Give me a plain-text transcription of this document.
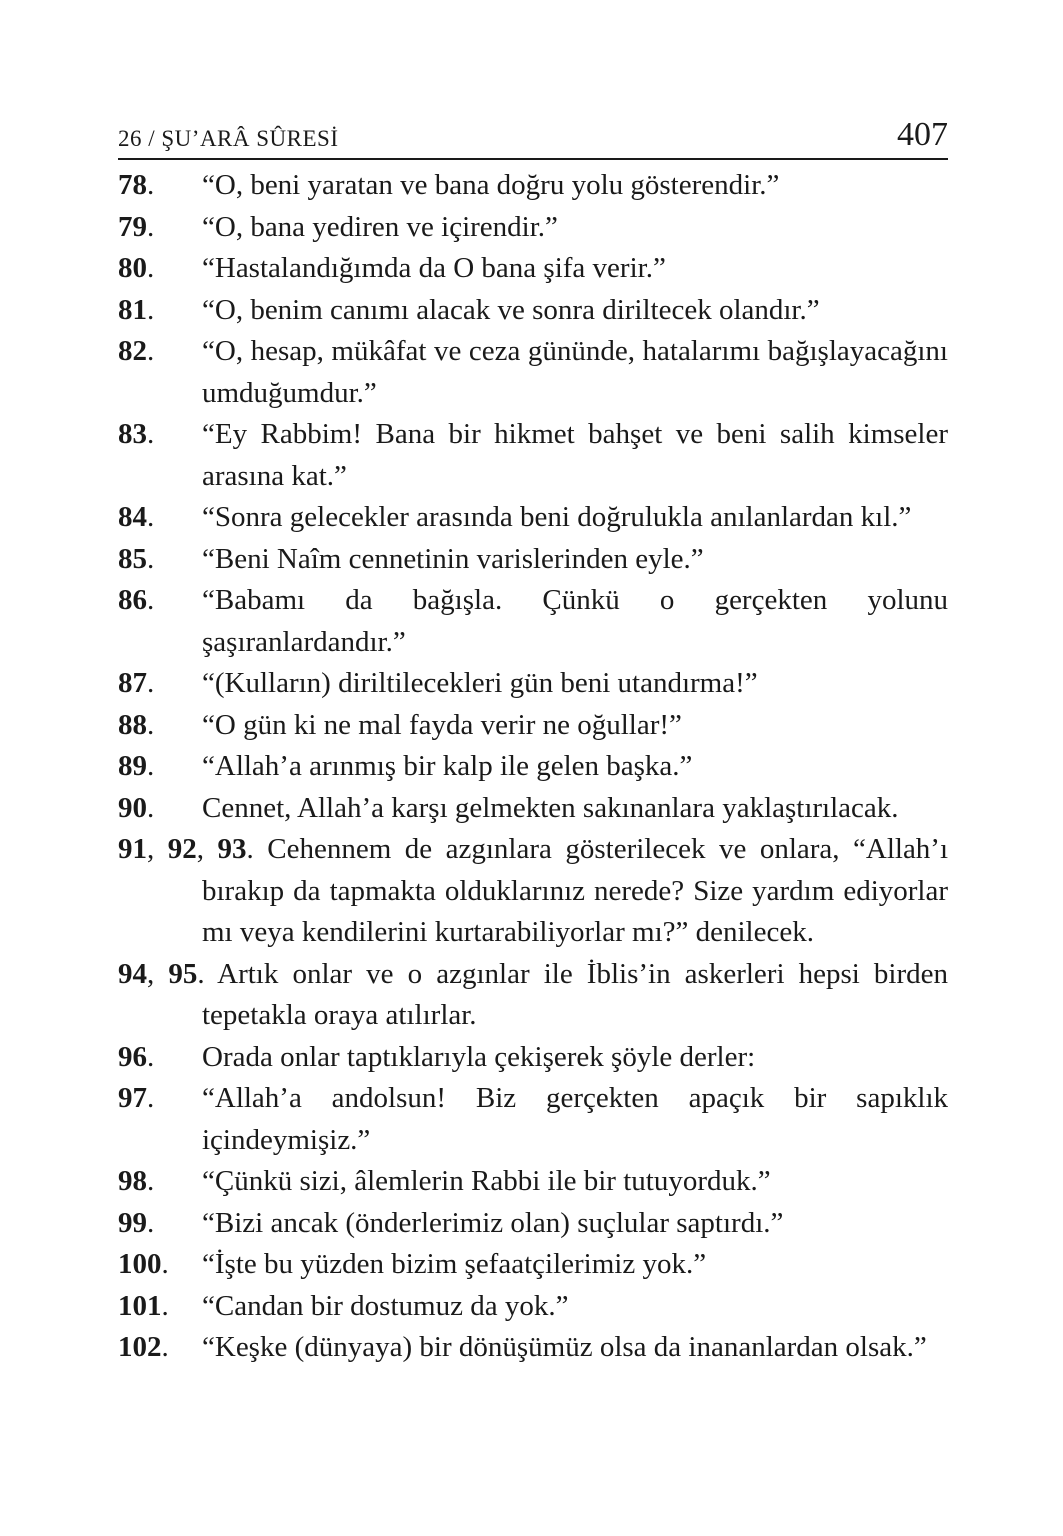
26 / ŞU’ARÂ SÛRESİ	407
78. “O, beni yaratan ve bana doğru yolu gösterendir.”
79. “O, bana yediren ve içirendir.”
80. “Hastalandığımda da O bana şifa verir.”
81. “O, benim canımı alacak ve sonra diriltecek olandır.”
82. “O, hesap, mükâfat ve ceza gününde, hatalarımı bağışlayacağını umduğumdur.”
83. “Ey Rabbim! Bana bir hikmet bahşet ve beni salih kimseler arasına kat.”
84. “Sonra gelecekler arasında beni doğrulukla anılanlardan kıl.”
85. “Beni Naîm cennetinin varislerinden eyle.”
86. “Babamı da bağışla. Çünkü o gerçekten yolunu şaşıranlardandır.”
87. “(Kulların) diriltilecekleri gün beni utandırma!”
88. “O gün ki ne mal fayda verir ne oğullar!”
89. “Allah’a arınmış bir kalp ile gelen başka.”
90. Cennet, Allah’a karşı gelmekten sakınanlara yaklaştırılacak.
91, 92, 93. Cehennem de azgınlara gösterilecek ve onlara, “Allah’ı bırakıp da tapmakta olduklarınız nerede? Size yardım ediyorlar mı veya kendilerini kurtarabiliyorlar mı?” denilecek.
94, 95. Artık onlar ve o azgınlar ile İblis’in askerleri hepsi birden tepetakla oraya atılırlar.
96. Orada onlar taptıklarıyla çekişerek şöyle derler:
97. “Allah’a andolsun! Biz gerçekten apaçık bir sapıklık içindeymişiz.”
98. “Çünkü sizi, âlemlerin Rabbi ile bir tutuyorduk.”
99. “Bizi ancak (önderlerimiz olan) suçlular saptırdı.”
100. “İşte bu yüzden bizim şefaatçilerimiz yok.”
101. “Candan bir dostumuz da yok.”
102. “Keşke (dünyaya) bir dönüşümüz olsa da inananlardan olsak.”
